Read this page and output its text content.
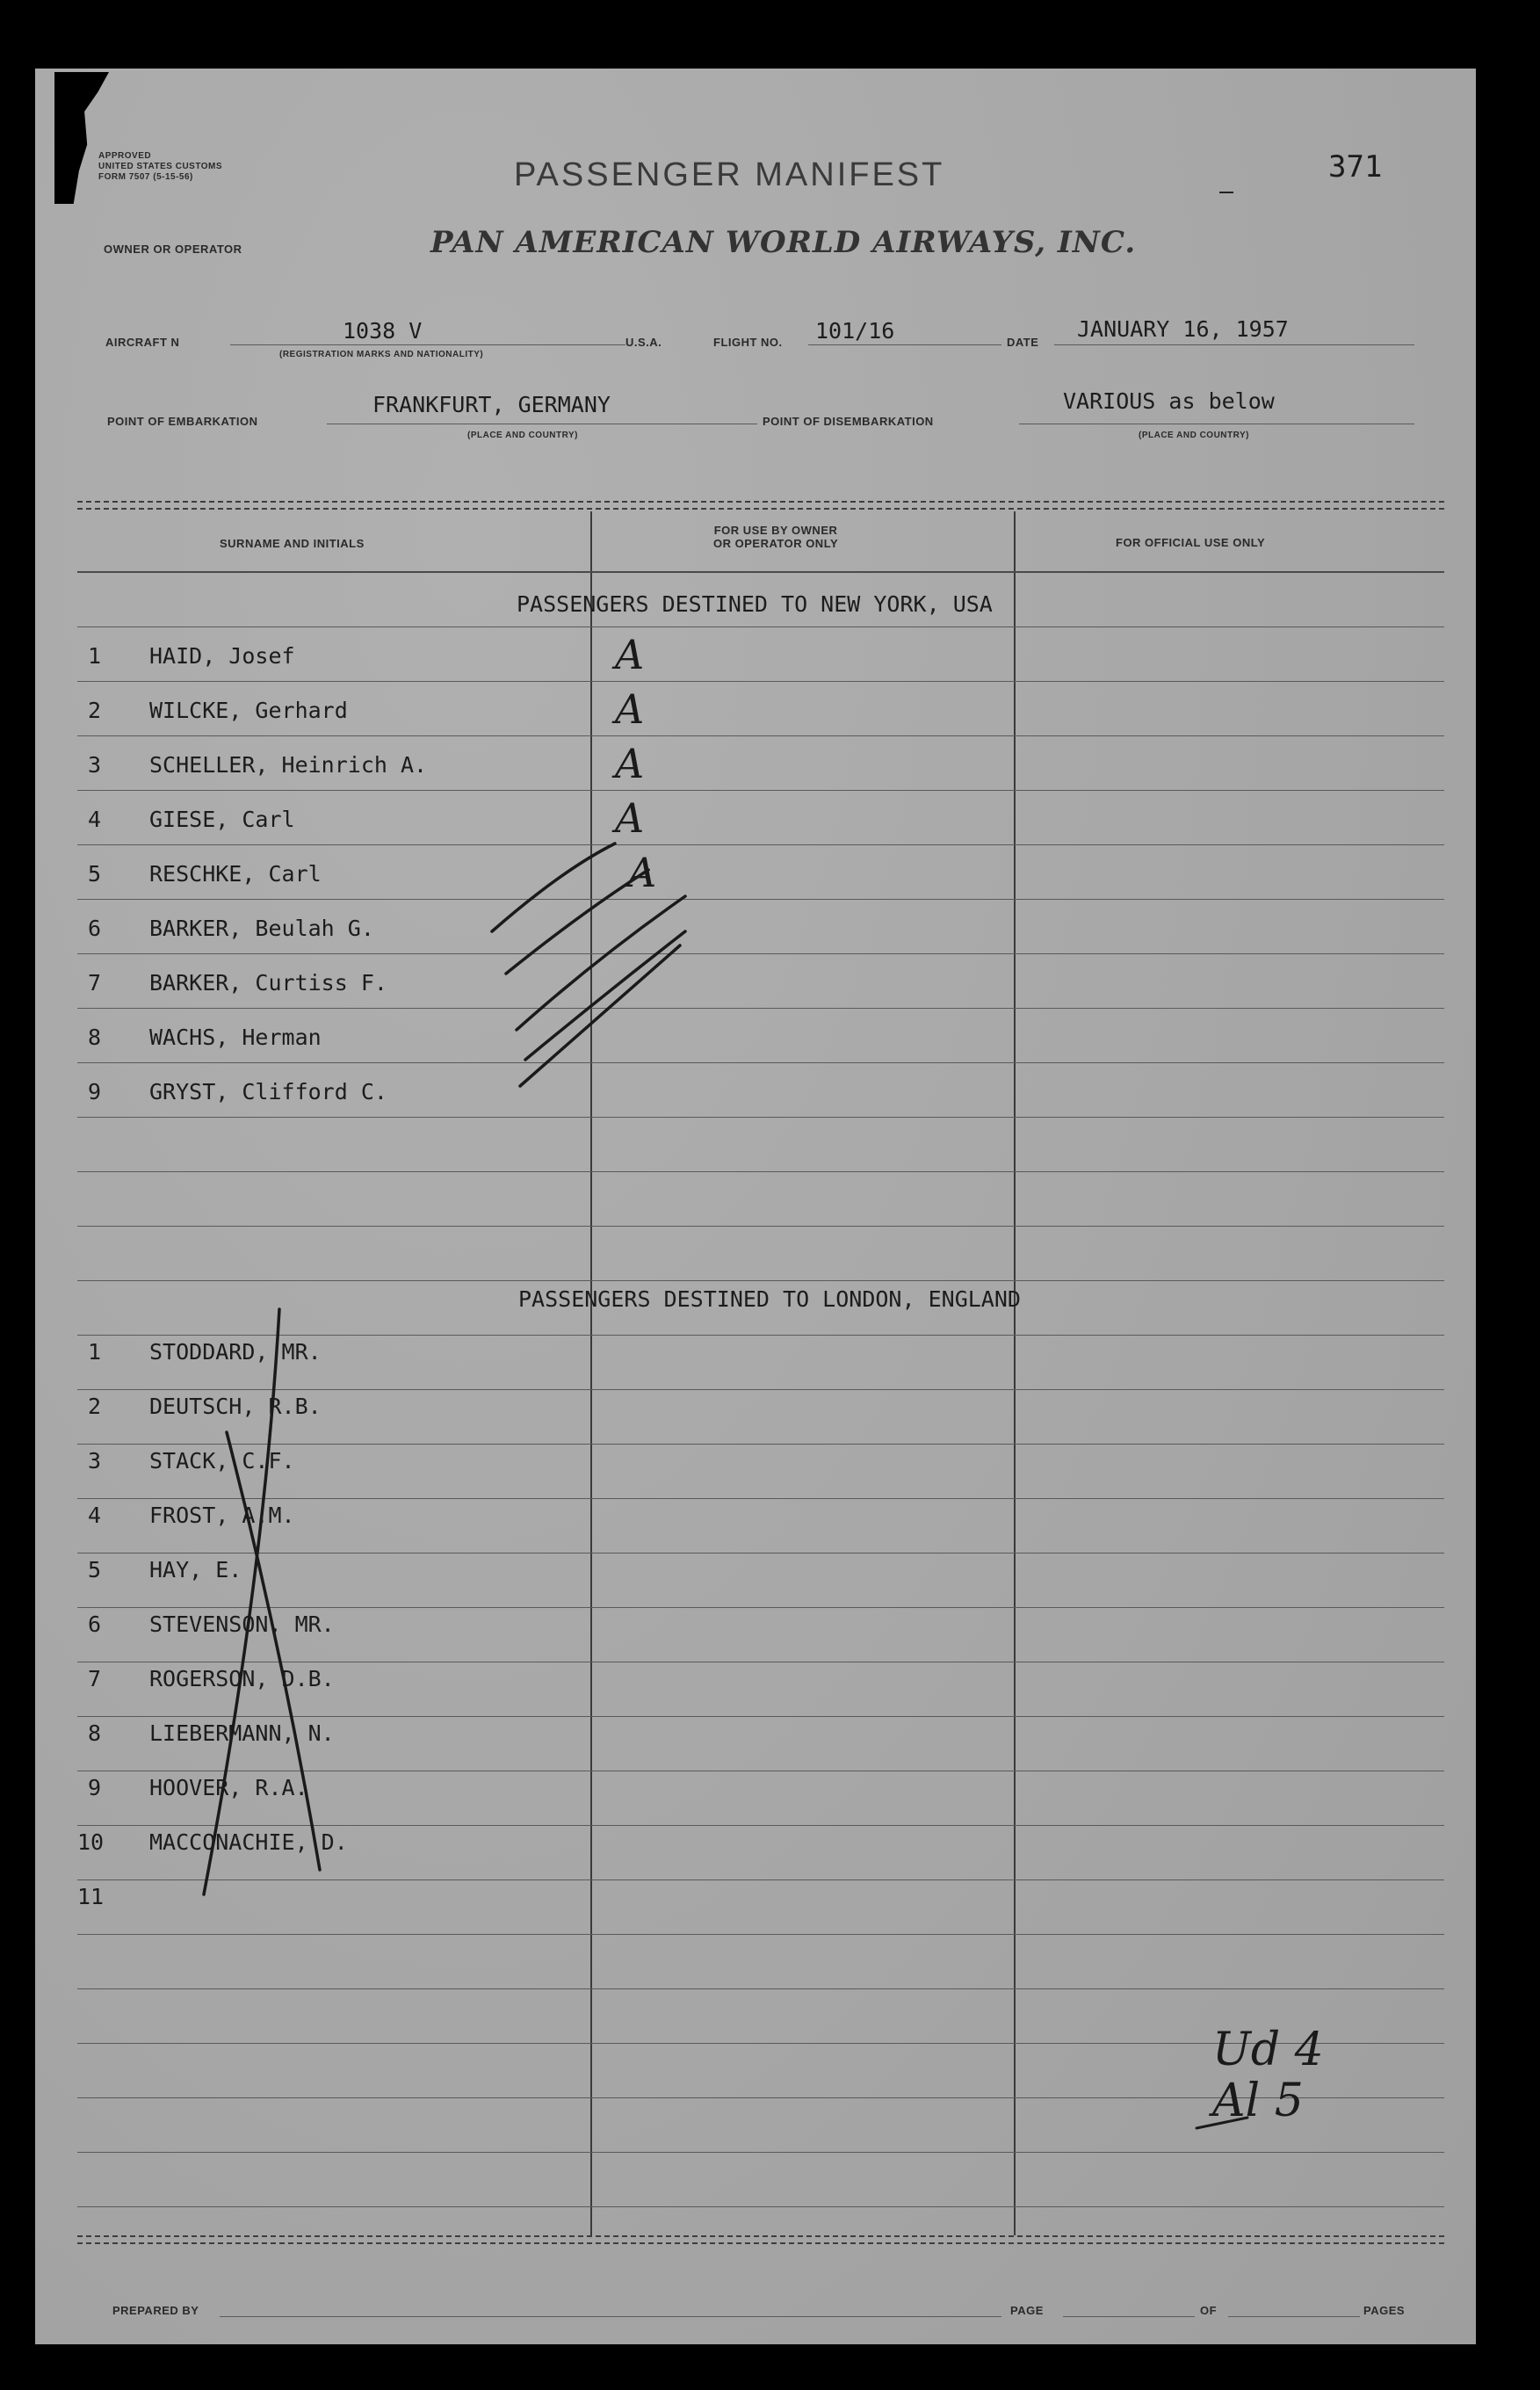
APPROVED
UNITED STATES CUSTOMS
FORM 7507 (5-15-56)	PASSENGER MANIFEST	371
OWNER OR OPERATOR	PAN AMERICAN WORLD AIRWAYS, INC.
AIRCRAFT N	1038 V
(REGISTRATION MARKS AND NATIONALITY)
U.S.A.	FLIGHT NO. 101/16	DATE
JANUARY 16, 1957
POINT OF EMBARKATION
FRANKFURT, GERMANY
(PLACE AND COUNTRY)
POINT OF DISEMBARKATION
VARIOUS as below
(PLACE AND COUNTRY)
SURNAME AND INITIALS
FOR USE BY OWNER
OR OPERATOR ONLY	FOR OFFICIAL USE ONLY
PASSENGERS DESTINED TO NEW YORK, USA
1 HAID, Josef	A
2 WILCKE, Gerhard	A
3 SCHELLER, Heinrich A.	A
4 GIESE, Carl	A
5 RESCHKE, Carl	A
6 BARKER, Beulah G.
7 BARKER, Curtiss F.
8 WACHS, Herman
9 GRYST, Clifford C.
PASSENGERS DESTINED TO LONDON, ENGLAND
1 STODDARD, MR.
2 DEUTSCH, R.B.
3 STACK, C.F.
4 FROST, A.M.
5 HAY, E.
6 STEVENSON, MR.
7 ROGERSON, D.B.
8 LIEBERMANN, N.
9 HOOVER, R.A.
10 MACCONACHIE, D.
11
Ud 4
Al 5
PREPARED BY	PAGE	OF	PAGES
